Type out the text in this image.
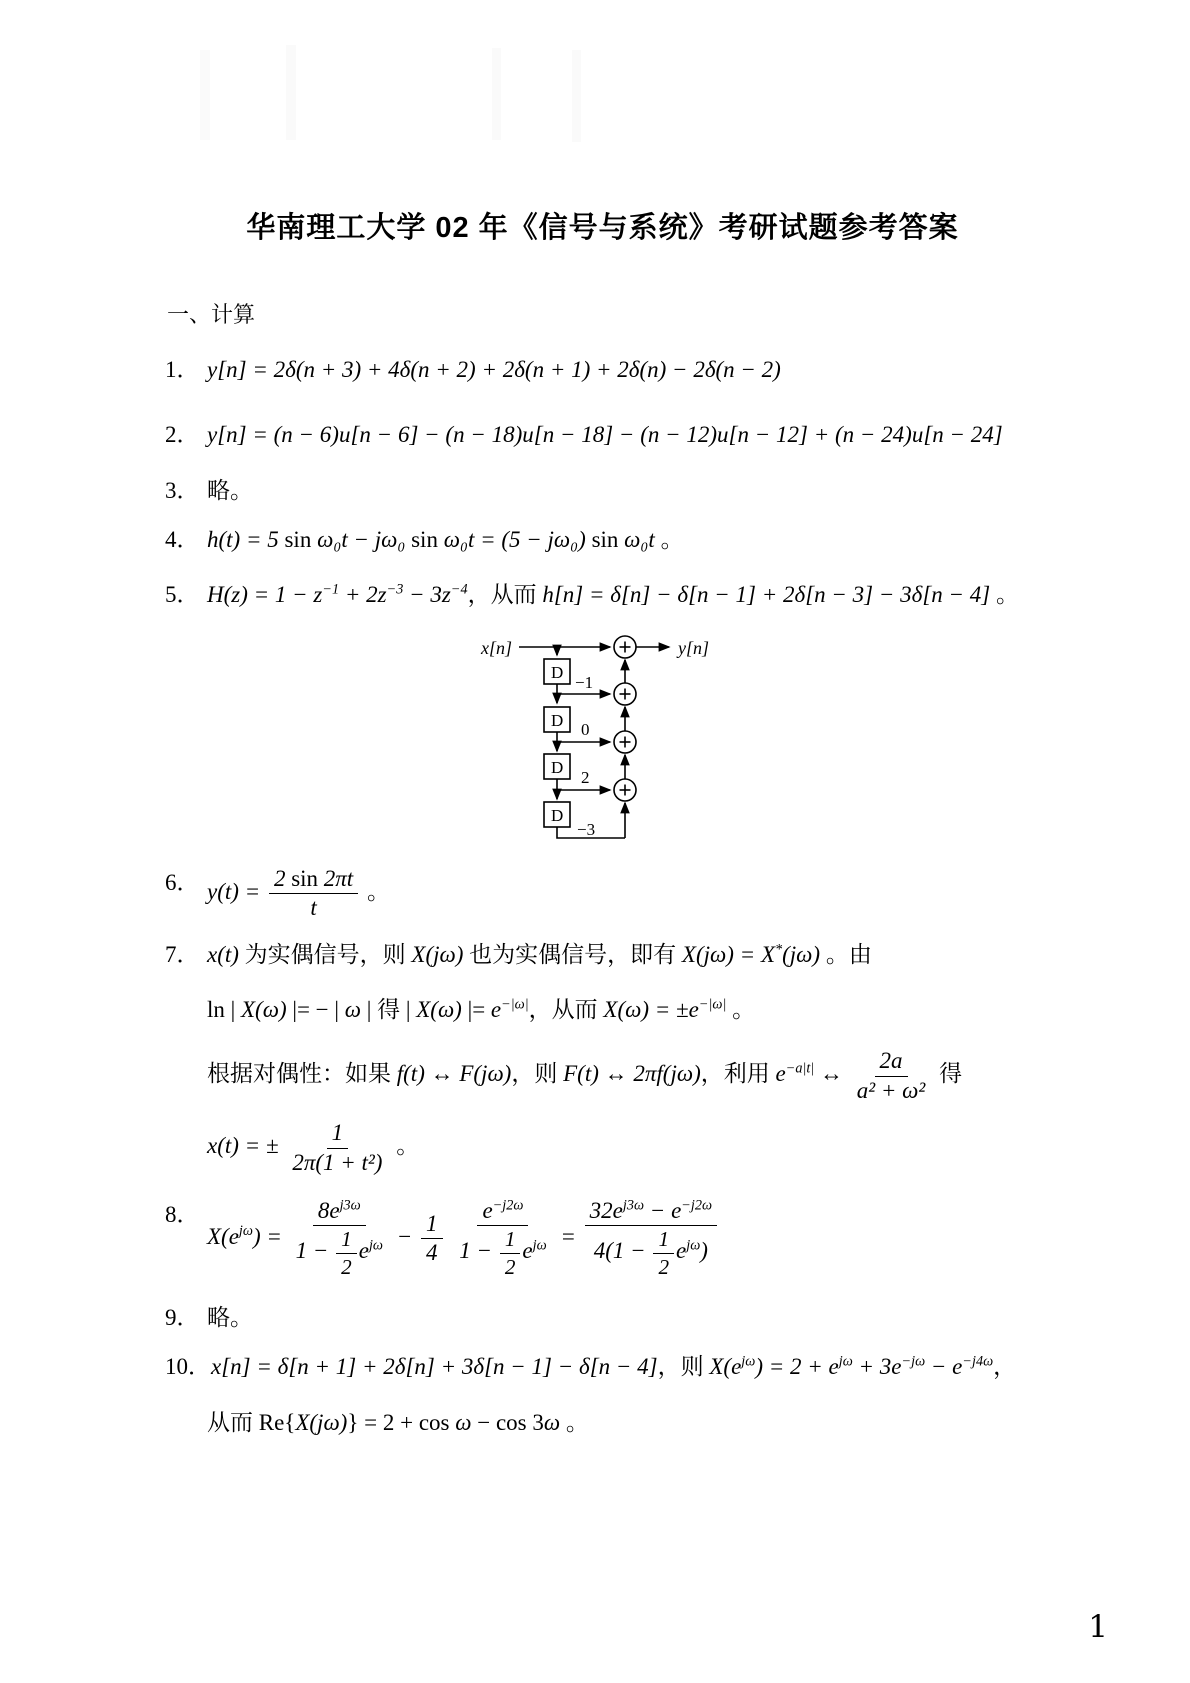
华南理工大学 02 年《信号与系统》考研试题参考答案
一、计算
1． y[n] = 2δ(n + 3) + 4δ(n + 2) + 2δ(n + 1) + 2δ(n) − 2δ(n − 2)
2． y[n] = (n − 6)u[n − 6] − (n − 18)u[n − 18] − (n − 12)u[n − 12] + (n − 24)u[n − 24]
3． 略。
4． h(t) = 5 sin ω₀t − jω₀ sin ω₀t = (5 − jω₀) sin ω₀t 。
5． $H(z) = 1 - z^{-1} + 2z^{-3} - 3z^{-4}$，从而 h[n] = δ[n] − δ[n − 1] + 2δ[n − 3] − 3δ[n − 4] 。
x[n]	y[n]
D
D
D
D
−1
0
2
−3
6． $y(t) = \frac{2 \sin 2\pi t}{t}$ 。
7． x(t) 为实偶信号，则 X(jω) 也为实偶信号，即有 X(jω) = X*(jω) 。由
ln | X(ω) |= − | ω | 得 | X(ω) |= $e^{-|\omega|}$，从而 $X(\omega) = \pm e^{-|\omega|}$ 。
根据对偶性：如果 f(t) ↔ F(jω)，则 F(t) ↔ 2πf(jω)，利用 $e^{-a|t|}$ ↔ $\frac{2a}{\text{a² + ω²}}$ 得
x(t) = ± $\frac{1}{\text{2π(1 + t²)}}$ 。
8．
$X(e^{j\omega}) = \frac{8e^{j3\omega}}{1 - \frac{1}{2} e^{j\omega}} - \frac{1}{4}$
$\frac{e^{-j2\omega}}{1 - \frac{1}{2} e^{j\omega}} = \frac{32e^{j3\omega} - e^{-j2\omega}}{4(1 - \frac{1}{2} e^{j\omega})}$
9． 略。
10． x[n] = δ[n + 1] + 2δ[n] + 3δ[n − 1] − δ[n − 4]，则 $X(e^{j\omega}) = 2 + e^{j\omega} + 3e^{-j\omega} - e^{-j4\omega}$，
从而 Re{X(jω)} = 2 + cos ω − cos 3ω 。
1
